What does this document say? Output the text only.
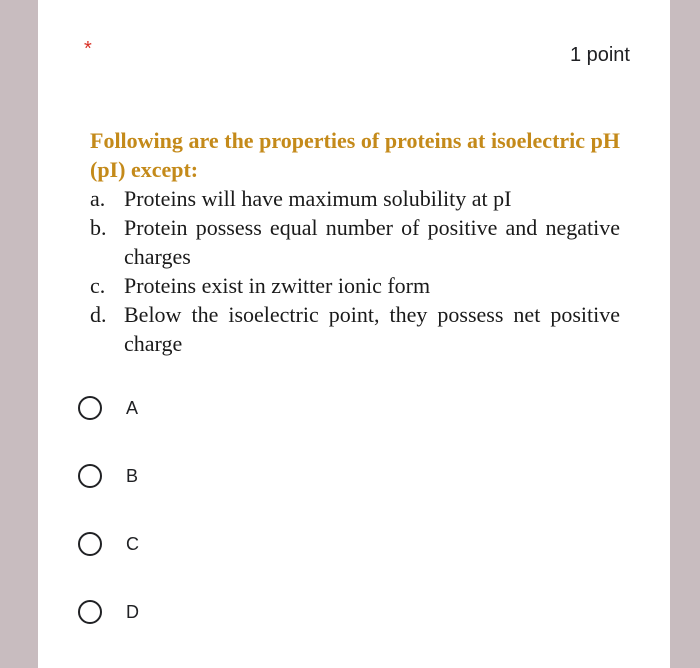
*	1 point
Following are the properties of proteins at isoelectric pH (pI) except:
a. Proteins will have maximum solubility at pI
b. Protein possess equal number of positive and negative charges
c. Proteins exist in zwitter ionic form
d. Below the isoelectric point, they possess net positive charge
A
B
C
D
